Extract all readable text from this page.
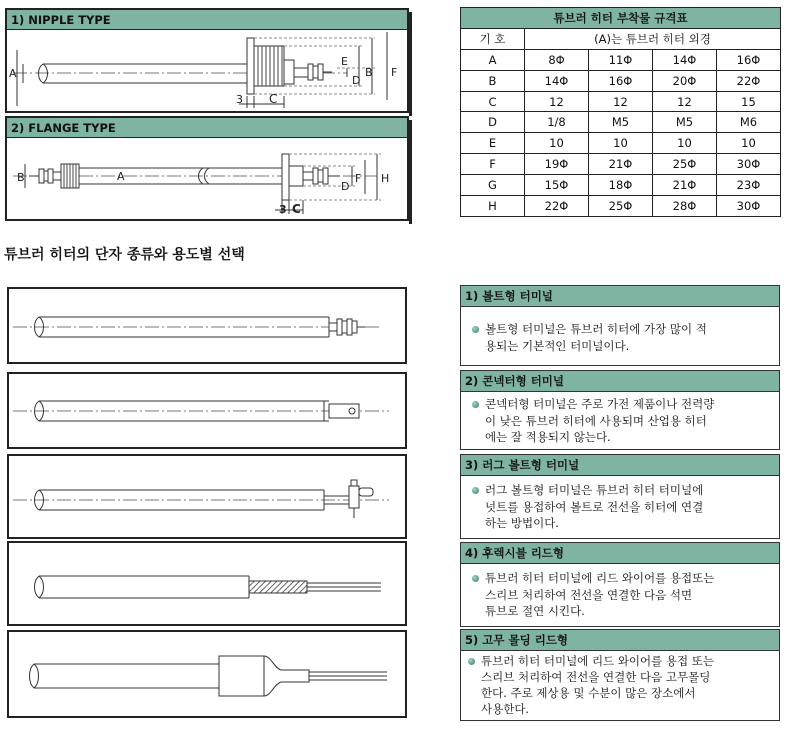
1) NIPPLE TYPE
A
3 C
D
E
B F
2) FLANGE TYPE
B	A
3 C
D
F H
튜브러 히터 부착물 규격표				
기 호	(A)는 튜브러 히터 외경			
A	8Φ	11Φ	14Φ	16Φ
B	14Φ	16Φ	20Φ	22Φ
C	12	12	12	15
D	1/8	M5	M5	M6
E	10	10	10	10
F	19Φ	21Φ	25Φ	30Φ
G	15Φ	18Φ	21Φ	23Φ
H	22Φ	25Φ	28Φ	30Φ
튜브러 히터의 단자 종류와 용도별 선택
1) 볼트형 터미널
볼트형 터미널은 튜브러 히터에 가장 많이 적
용되는 기본적인 터미널이다.
2) 콘넥터형 터미널
콘넥터형 터미널은 주로 가전 제품이나 전력량
이 낮은 튜브러 히터에 사용되며 산업용 히터
에는 잘 적용되지 않는다.
3) 러그 볼트형 터미널
러그 볼트형 터미널은 튜브러 히터 터미널에
넛트를 용접하여 볼트로 전선을 히터에 연결
하는 방법이다.
4) 후렉시블 리드형
튜브러 히터 터미널에 리드 와이어를 용접또는
스리브 처리하여 전선을 연결한 다음 석면
튜브로 절연 시킨다.
5) 고무 몰딩 리드형
튜브러 히터 터미널에 리드 와이어를 용접 또는
스리브 처리하여 전선을 연결한 다음 고무몰딩
한다. 주로 제상용 및 수분이 많은 장소에서
사용한다.
